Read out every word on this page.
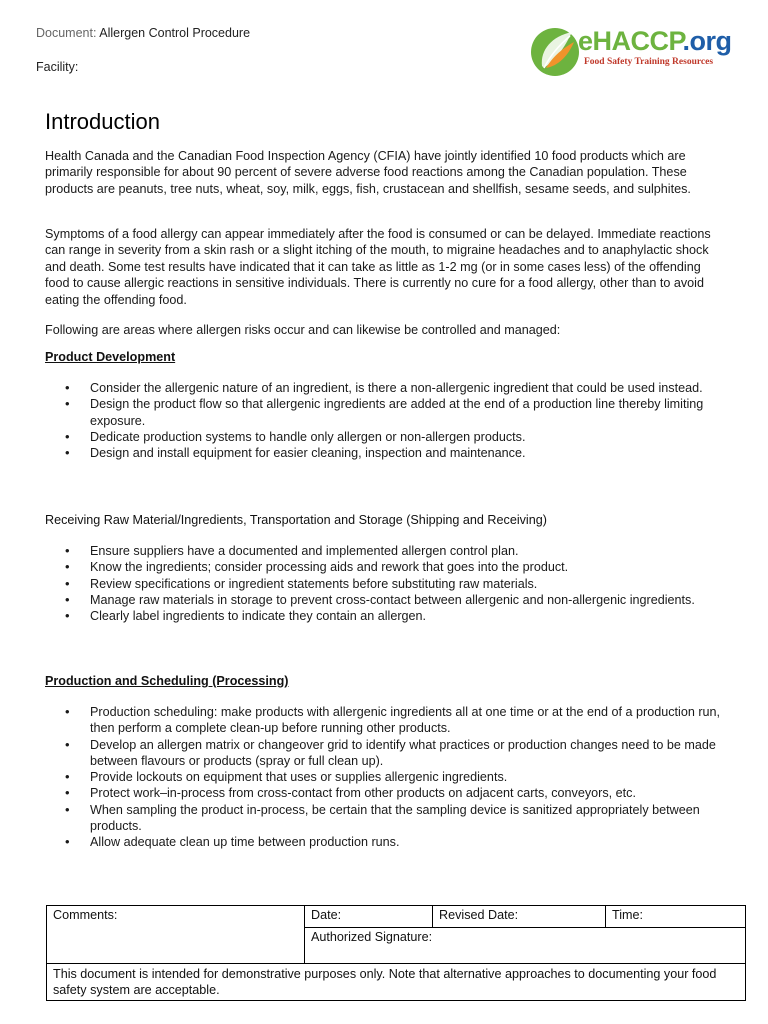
Document: Allergen Control Procedure
Facility:
eHACCP.org
Food Safety Training Resources
Introduction
Health Canada and the Canadian Food Inspection Agency (CFIA) have jointly identified 10 food products which are primarily responsible for about 90 percent of severe adverse food reactions among the Canadian population. These products are peanuts, tree nuts, wheat, soy, milk, eggs, fish, crustacean and shellfish, sesame seeds, and sulphites.
Symptoms of a food allergy can appear immediately after the food is consumed or can be delayed. Immediate reactions can range in severity from a skin rash or a slight itching of the mouth, to migraine headaches and to anaphylactic shock and death. Some test results have indicated that it can take as little as 1-2 mg (or in some cases less) of the offending food to cause allergic reactions in sensitive individuals. There is currently no cure for a food allergy, other than to avoid eating the offending food.
Following are areas where allergen risks occur and can likewise be controlled and managed:
Product Development
• Consider the allergenic nature of an ingredient, is there a non-allergenic ingredient that could be used instead.
• Design the product flow so that allergenic ingredients are added at the end of a production line thereby limiting exposure.
• Dedicate production systems to handle only allergen or non-allergen products.
• Design and install equipment for easier cleaning, inspection and maintenance.
Receiving Raw Material/Ingredients, Transportation and Storage (Shipping and Receiving)
• Ensure suppliers have a documented and implemented allergen control plan.
• Know the ingredients; consider processing aids and rework that goes into the product.
• Review specifications or ingredient statements before substituting raw materials.
• Manage raw materials in storage to prevent cross-contact between allergenic and non-allergenic ingredients.
• Clearly label ingredients to indicate they contain an allergen.
Production and Scheduling (Processing)
• Production scheduling: make products with allergenic ingredients all at one time or at the end of a production run, then perform a complete clean-up before running other products.
• Develop an allergen matrix or changeover grid to identify what practices or production changes need to be made between flavours or products (spray or full clean up).
• Provide lockouts on equipment that uses or supplies allergenic ingredients.
• Protect work–in-process from cross-contact from other products on adjacent carts, conveyors, etc.
• When sampling the product in-process, be certain that the sampling device is sanitized appropriately between products.
• Allow adequate clean up time between production runs.
Comments:	Date:	Revised Date:	Time:
Authorized Signature:
This document is intended for demonstrative purposes only. Note that alternative approaches to documenting your food safety system are acceptable.
